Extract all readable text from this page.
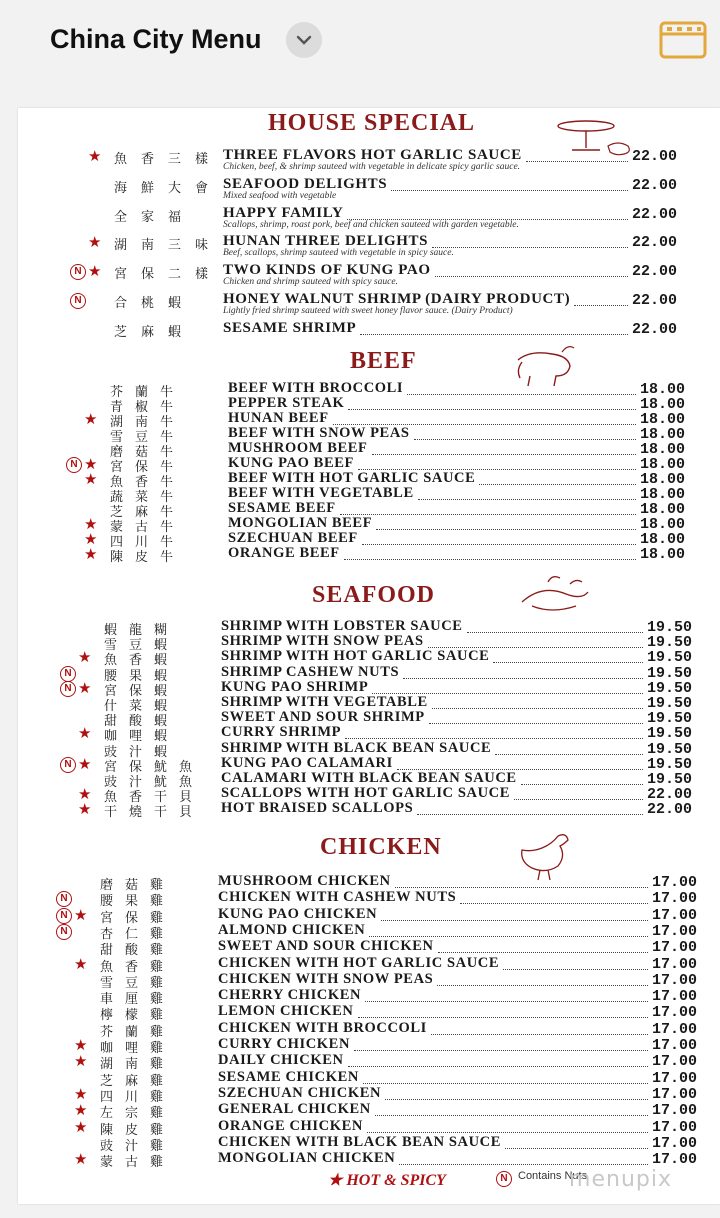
China City Menu
★ HOT & SPICY	N Contains Nuts
menupix
HOUSE SPECIAL
★ 魚香三樣 THREE FLAVORS HOT GARLIC SAUCE	22.00
Chicken, beef, & shrimp sauteed with vegetable in delicate spicy garlic sauce.
海鮮大會 SEAFOOD DELIGHTS	22.00
Mixed seafood with vegetable
全家福 HAPPY FAMILY	22.00
Scallops, shrimp, roast pork, beef and chicken sauteed with garden vegetable.
★ 湖南三味 HUNAN THREE DELIGHTS	22.00
Beef, scallops, shrimp sauteed with vegetable in spicy sauce.
N ★ 宮保二樣 TWO KINDS OF KUNG PAO	22.00
Chicken and shrimp sauteed with spicy sauce.
N	合桃蝦 HONEY WALNUT SHRIMP (DAIRY PRODUCT)	22.00
Lightly fried shrimp sauteed with sweet honey flavor sauce. (Dairy Product)
芝麻蝦 SESAME SHRIMP	22.00
BEEF
芥蘭牛	BEEF WITH BROCCOLI	18.00
青椒牛	PEPPER STEAK	18.00
★ 湖南牛	HUNAN BEEF	18.00
雪豆牛	BEEF WITH SNOW PEAS	18.00
磨菇牛	MUSHROOM BEEF	18.00
N ★ 宮保牛	KUNG PAO BEEF	18.00
★ 魚香牛	BEEF WITH HOT GARLIC SAUCE	18.00
蔬菜牛	BEEF WITH VEGETABLE	18.00
芝麻牛	SESAME BEEF	18.00
★ 蒙古牛	MONGOLIAN BEEF	18.00
★ 四川牛	SZECHUAN BEEF	18.00
★ 陳皮牛	ORANGE BEEF	18.00
SEAFOOD
蝦龍糊	SHRIMP WITH LOBSTER SAUCE	19.50
雪豆蝦	SHRIMP WITH SNOW PEAS	19.50
★ 魚香蝦	SHRIMP WITH HOT GARLIC SAUCE	19.50
N	腰果蝦	SHRIMP CASHEW NUTS	19.50
N ★ 宮保蝦	KUNG PAO SHRIMP	19.50
什菜蝦	SHRIMP WITH VEGETABLE	19.50
甜酸蝦	SWEET AND SOUR SHRIMP	19.50
★ 咖哩蝦	CURRY SHRIMP	19.50
豉汁蝦	SHRIMP WITH BLACK BEAN SAUCE	19.50
N ★ 宮保魷魚 KUNG PAO CALAMARI	19.50
豉汁魷魚 CALAMARI WITH BLACK BEAN SAUCE	19.50
★ 魚香干貝 SCALLOPS WITH HOT GARLIC SAUCE	22.00
★ 干燒干貝 HOT BRAISED SCALLOPS	22.00
CHICKEN
磨菇雞	MUSHROOM CHICKEN	17.00
N	腰果雞	CHICKEN WITH CASHEW NUTS	17.00
N ★ 宮保雞	KUNG PAO CHICKEN	17.00
N	杏仁雞	ALMOND CHICKEN	17.00
甜酸雞	SWEET AND SOUR CHICKEN	17.00
★ 魚香雞	CHICKEN WITH HOT GARLIC SAUCE	17.00
雪豆雞	CHICKEN WITH SNOW PEAS	17.00
車厘雞	CHERRY CHICKEN	17.00
檸檬雞	LEMON CHICKEN	17.00
芥蘭雞	CHICKEN WITH BROCCOLI	17.00
★ 咖哩雞	CURRY CHICKEN	17.00
★ 湖南雞	DAILY CHICKEN	17.00
芝麻雞	SESAME CHICKEN	17.00
★ 四川雞	SZECHUAN CHICKEN	17.00
★ 左宗雞	GENERAL CHICKEN	17.00
★ 陳皮雞	ORANGE CHICKEN	17.00
豉汁雞	CHICKEN WITH BLACK BEAN SAUCE	17.00
★ 蒙古雞	MONGOLIAN CHICKEN	17.00
